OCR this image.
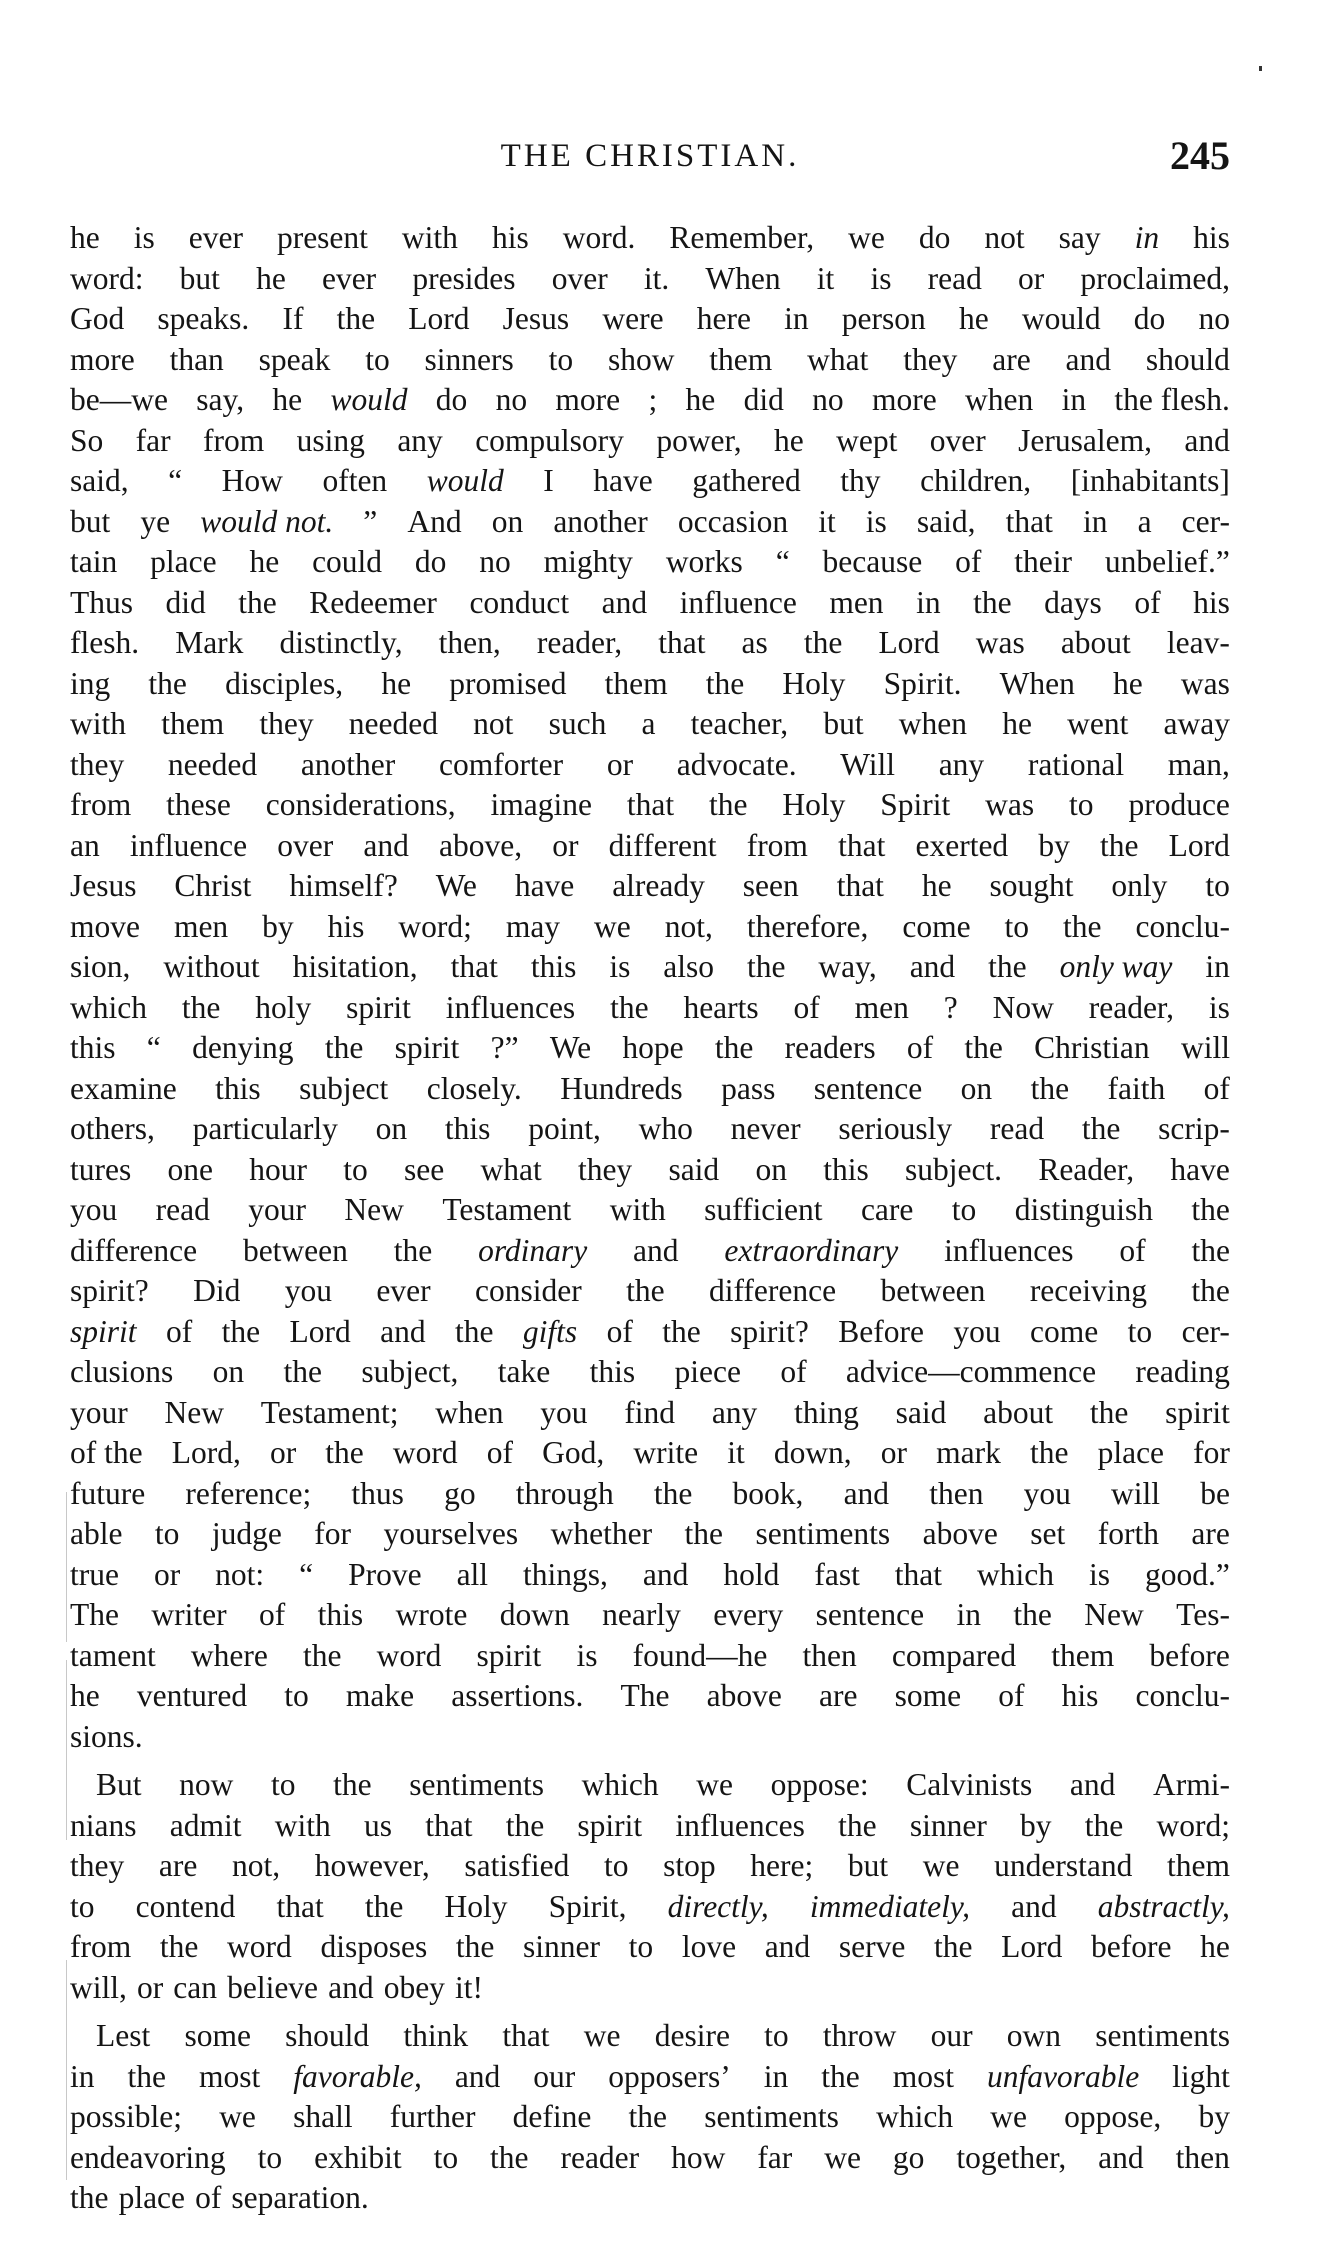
THE CHRISTIAN.	245
he is ever present with his word. Remember, we do not say in his
word: but he ever presides over it. When it is read or proclaimed,
God speaks. If the Lord Jesus were here in person he would do no
more than speak to sinners to show them what they are and should
be—we say, he would do no more ; he did no more when in the flesh.
So far from using any compulsory power, he wept over Jerusalem, and
said, “ How often would I have gathered thy children, [inhabitants]
but ye would not. ” And on another occasion it is said, that in a cer-
tain place he could do no mighty works “ because of their unbelief.”
Thus did the Redeemer conduct and influence men in the days of his
flesh. Mark distinctly, then, reader, that as the Lord was about leav-
ing the disciples, he promised them the Holy Spirit. When he was
with them they needed not such a teacher, but when he went away
they needed another comforter or advocate. Will any rational man,
from these considerations, imagine that the Holy Spirit was to produce
an influence over and above, or different from that exerted by the Lord
Jesus Christ himself? We have already seen that he sought only to
move men by his word; may we not, therefore, come to the conclu-
sion, without hisitation, that this is also the way, and the only way in
which the holy spirit influences the hearts of men ? Now reader, is
this “ denying the spirit ?” We hope the readers of the Christian will
examine this subject closely. Hundreds pass sentence on the faith of
others, particularly on this point, who never seriously read the scrip-
tures one hour to see what they said on this subject. Reader, have
you read your New Testament with sufficient care to distinguish the
difference between the ordinary and extraordinary influences of the
spirit? Did you ever consider the difference between receiving the
spirit of the Lord and the gifts of the spirit? Before you come to cer-
clusions on the subject, take this piece of advice—commence reading
your New Testament; when you find any thing said about the spirit
of the Lord, or the word of God, write it down, or mark the place for
future reference; thus go through the book, and then you will be
able to judge for yourselves whether the sentiments above set forth are
true or not: “ Prove all things, and hold fast that which is good.”
The writer of this wrote down nearly every sentence in the New Tes-
tament where the word spirit is found—he then compared them before
he ventured to make assertions. The above are some of his conclu-
sions.
But now to the sentiments which we oppose: Calvinists and Armi-
nians admit with us that the spirit influences the sinner by the word;
they are not, however, satisfied to stop here; but we understand them
to contend that the Holy Spirit, directly, immediately, and abstractly,
from the word disposes the sinner to love and serve the Lord before he
will, or can believe and obey it!
Lest some should think that we desire to throw our own sentiments
in the most favorable, and our opposers’ in the most unfavorable light
possible; we shall further define the sentiments which we oppose, by
endeavoring to exhibit to the reader how far we go together, and then
the place of separation.
